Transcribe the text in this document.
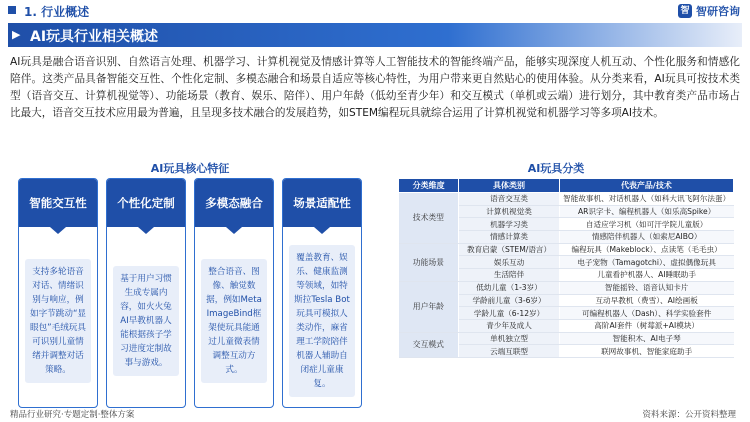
1. 行业概述	智 智研咨询
▶ AI玩具行业相关概述
AI玩具是融合语音识别、自然语言处理、机器学习、计算机视觉及情感计算等人工智能技术的智能终端产品，能够实现深度人机互动、个性化服务和情感化陪伴。这类产品具备智能交互性、个性化定制、多模态融合和场景自适应等核心特性，为用户带来更自然贴心的使用体验。从分类来看，AI玩具可按技术类型（语音交互、计算机视觉等）、功能场景（教育、娱乐、陪伴）、用户年龄（低幼至青少年）和交互模式（单机或云端）进行划分，其中教育类产品市场占比最大，语音交互技术应用最为普遍，且呈现多技术融合的发展趋势，如STEM编程玩具就综合运用了计算机视觉和机器学习等多项AI技术。
AI玩具核心特征	AI玩具分类
智能交互性
支持多轮语音对话、情绪识别与响应，例如字节跳动“显眼包”毛绒玩具可识别儿童情绪并调整对话策略。
个性化定制
基于用户习惯生成专属内容，如火火兔AI早教机器人能根据孩子学习进度定制故事与游戏。
多模态融合
整合语音、图像、触觉数据，例如Meta ImageBind框架使玩具能通过儿童微表情调整互动方式。
场景适配性
覆盖教育、娱乐、健康监测等领域，如特斯拉Tesla Bot玩具可模拟人类动作，麻省理工学院陪伴机器人辅助自闭症儿童康复。
分类维度	具体类别	代表产品/技术
技术类型	语音交互类	智能故事机、对话机器人（如科大讯飞阿尔法蛋）
	计算机视觉类	AR识字卡、编程机器人（如乐高Spike）
	机器学习类	自适应学习机（如可汗学院儿童版）
	情感计算类	情感陪伴机器人（如索尼AIBO）
功能场景	教育启蒙（STEM/语言）	编程玩具（Makeblock）、点读笔（毛毛虫）
	娱乐互动	电子宠物（Tamagotchi）、虚拟偶像玩具
	生活陪伴	儿童看护机器人、AI睡眠助手
用户年龄	低幼儿童（1-3岁）	智能摇铃、语音认知卡片
	学龄前儿童（3-6岁）	互动早教机（费雪）、AI绘画板
	学龄儿童（6-12岁）	可编程机器人（Dash）、科学实验套件
	青少年及成人	高阶AI套件（树莓派+AI模块）
交互模式	单机独立型	智能积木、AI电子琴
	云端互联型	联网故事机、智能家庭助手
精品行业研究·专题定制·整体方案	资料来源：公开资料整理
